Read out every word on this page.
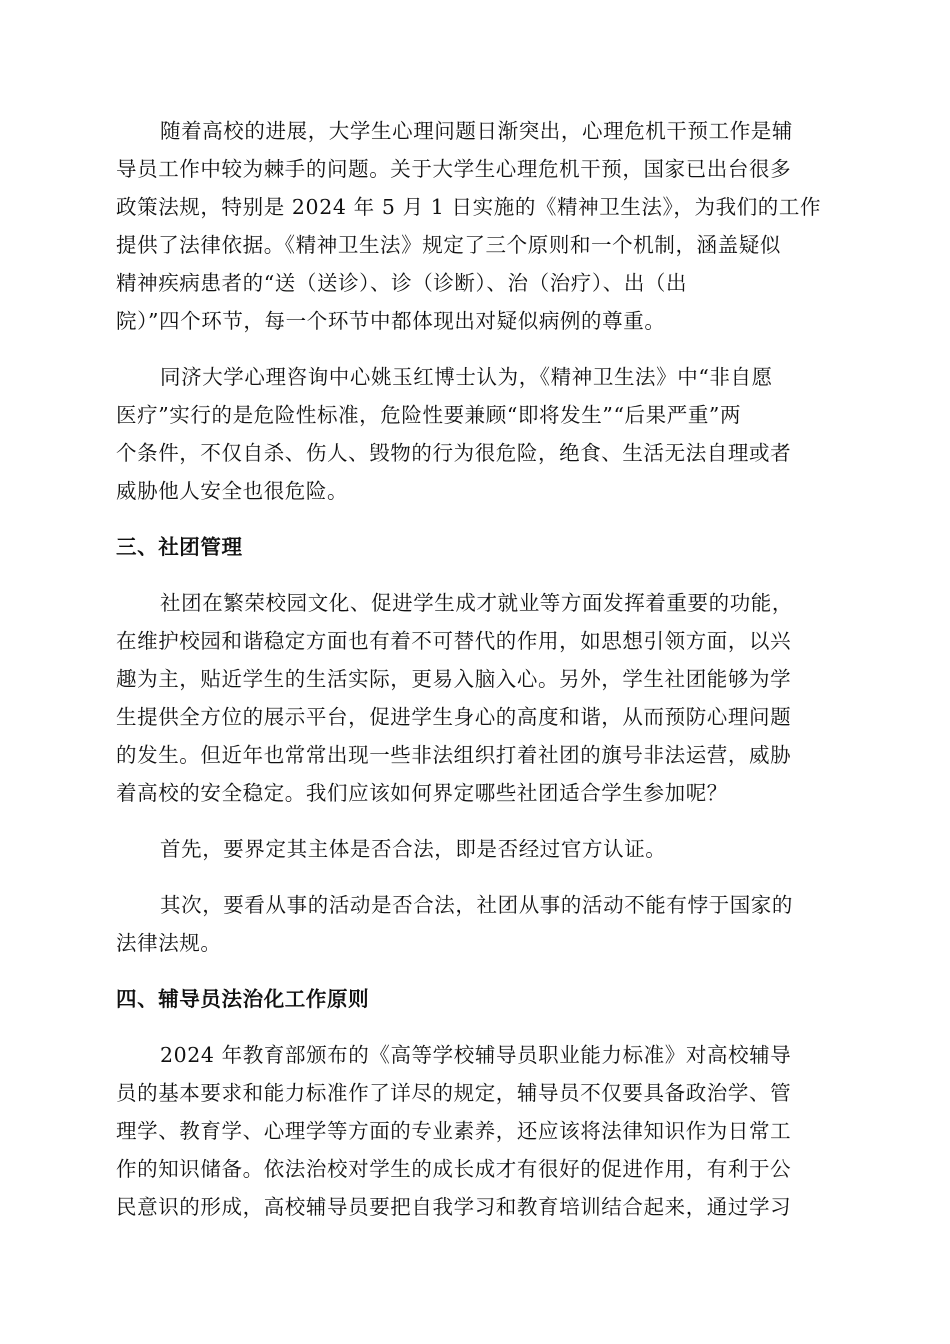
随着高校的进展，大学生心理问题日渐突出，心理危机干预工作是辅
导员工作中较为棘手的问题。关于大学生心理危机干预，国家已出台很多
政策法规，特别是 2024 年 5 月 1 日实施的《精神卫生法》，为我们的工作
提供了法律依据。《精神卫生法》规定了三个原则和一个机制，涵盖疑似
精神疾病患者的“送（送诊）、诊（诊断）、治（治疗）、出（出
院）”四个环节，每一个环节中都体现出对疑似病例的尊重。
同济大学心理咨询中心姚玉红博士认为，《精神卫生法》中“非自愿
医疗”实行的是危险性标准，危险性要兼顾“即将发生”“后果严重”两
个条件，不仅自杀、伤人、毁物的行为很危险，绝食、生活无法自理或者
威胁他人安全也很危险。
三、社团管理
社团在繁荣校园文化、促进学生成才就业等方面发挥着重要的功能，
在维护校园和谐稳定方面也有着不可替代的作用，如思想引领方面，以兴
趣为主，贴近学生的生活实际，更易入脑入心。另外，学生社团能够为学
生提供全方位的展示平台，促进学生身心的高度和谐，从而预防心理问题
的发生。但近年也常常出现一些非法组织打着社团的旗号非法运营，威胁
着高校的安全稳定。我们应该如何界定哪些社团适合学生参加呢？
首先，要界定其主体是否合法，即是否经过官方认证。
其次，要看从事的活动是否合法，社团从事的活动不能有悖于国家的
法律法规。
四、辅导员法治化工作原则
2024 年教育部颁布的《高等学校辅导员职业能力标准》对高校辅导
员的基本要求和能力标准作了详尽的规定，辅导员不仅要具备政治学、管
理学、教育学、心理学等方面的专业素养，还应该将法律知识作为日常工
作的知识储备。依法治校对学生的成长成才有很好的促进作用，有利于公
民意识的形成，高校辅导员要把自我学习和教育培训结合起来，通过学习
